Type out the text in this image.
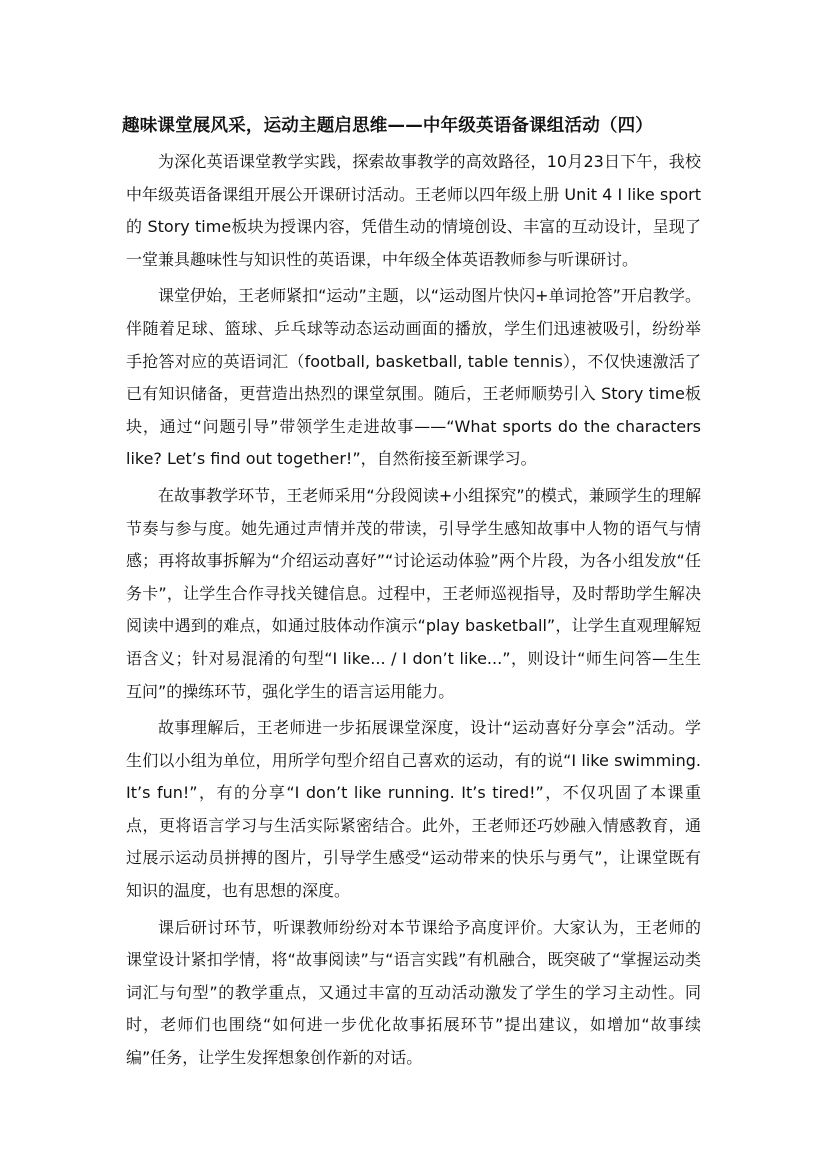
趣味课堂展风采，运动主题启思维——中年级英语备课组活动（四）

为深化英语课堂教学实践，探索故事教学的高效路径，10月23日下午，我校中年级英语备课组开展公开课研讨活动。王老师以四年级上册 Unit 4 I like sport的 Story time板块为授课内容，凭借生动的情境创设、丰富的互动设计，呈现了一堂兼具趣味性与知识性的英语课，中年级全体英语教师参与听课研讨。

课堂伊始，王老师紧扣“运动”主题，以“运动图片快闪+单词抢答”开启教学。伴随着足球、篮球、乒乓球等动态运动画面的播放，学生们迅速被吸引，纷纷举手抢答对应的英语词汇（football, basketball, table tennis），不仅快速激活了已有知识储备，更营造出热烈的课堂氛围。随后，王老师顺势引入 Story time板块，通过“问题引导”带领学生走进故事——“What sports do the characters like? Let’s find out together!”，自然衔接至新课学习。

在故事教学环节，王老师采用“分段阅读+小组探究”的模式，兼顾学生的理解节奏与参与度。她先通过声情并茂的带读，引导学生感知故事中人物的语气与情感；再将故事拆解为“介绍运动喜好”“讨论运动体验”两个片段，为各小组发放“任务卡”，让学生合作寻找关键信息。过程中，王老师巡视指导，及时帮助学生解决阅读中遇到的难点，如通过肢体动作演示“play basketball”，让学生直观理解短语含义；针对易混淆的句型“I like... / I don’t like...”，则设计“师生问答—生生互问”的操练环节，强化学生的语言运用能力。

故事理解后，王老师进一步拓展课堂深度，设计“运动喜好分享会”活动。学生们以小组为单位，用所学句型介绍自己喜欢的运动，有的说“I like swimming. It’s fun!”，有的分享“I don’t like running. It’s tired!”，不仅巩固了本课重点，更将语言学习与生活实际紧密结合。此外，王老师还巧妙融入情感教育，通过展示运动员拼搏的图片，引导学生感受“运动带来的快乐与勇气”，让课堂既有知识的温度，也有思想的深度。

课后研讨环节，听课教师纷纷对本节课给予高度评价。大家认为，王老师的课堂设计紧扣学情，将“故事阅读”与“语言实践”有机融合，既突破了“掌握运动类词汇与句型”的教学重点，又通过丰富的互动活动激发了学生的学习主动性。同时，老师们也围绕“如何进一步优化故事拓展环节”提出建议，如增加“故事续编”任务，让学生发挥想象创作新的对话。
